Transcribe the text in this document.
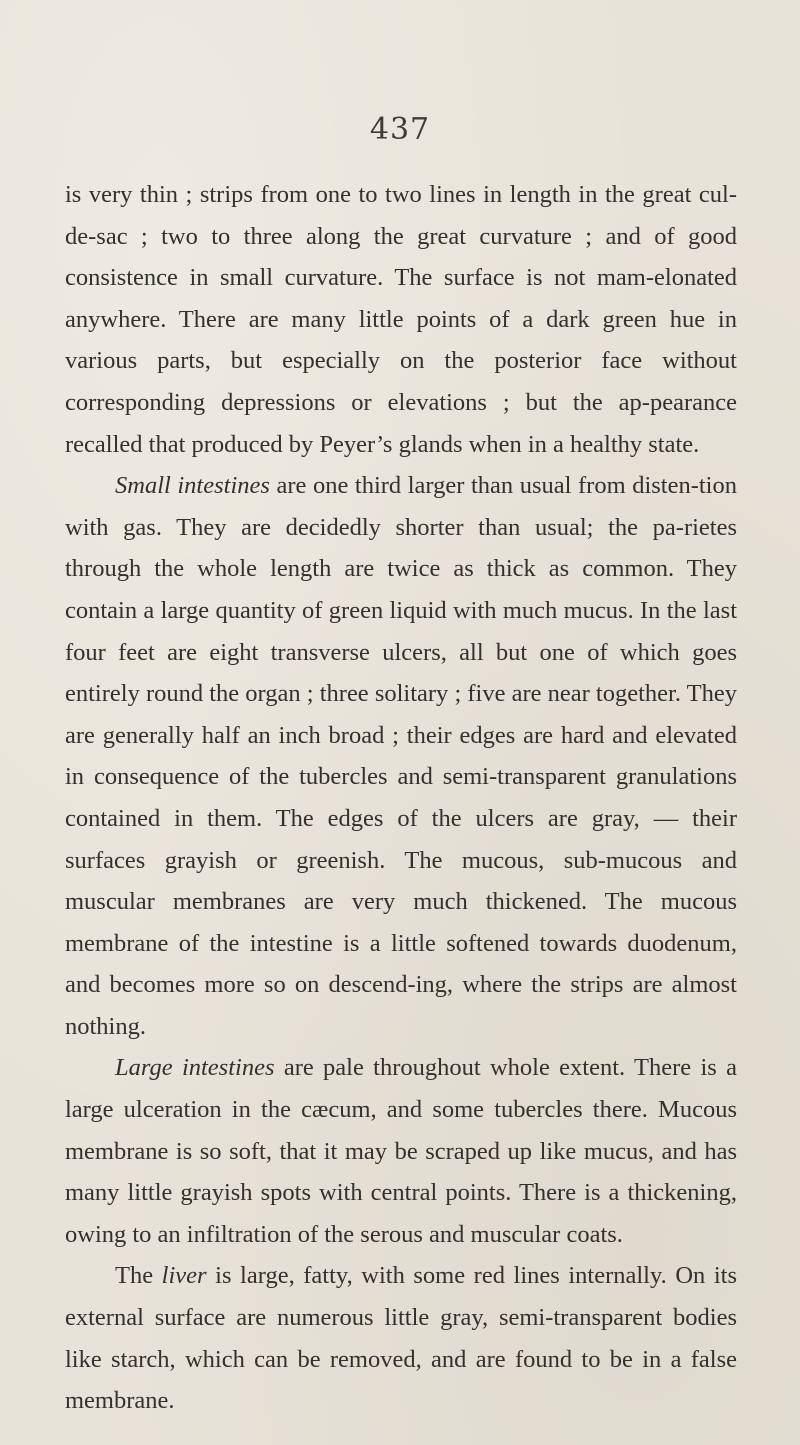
437

is very thin ; strips from one to two lines in length in the great cul-de-sac ; two to three along the great curvature ; and of good consistence in small curvature. The surface is not mam-elonated anywhere. There are many little points of a dark green hue in various parts, but especially on the posterior face without corresponding depressions or elevations ; but the ap-pearance recalled that produced by Peyer’s glands when in a healthy state.

Small intestines are one third larger than usual from disten-tion with gas. They are decidedly shorter than usual; the pa-rietes through the whole length are twice as thick as common. They contain a large quantity of green liquid with much mucus. In the last four feet are eight transverse ulcers, all but one of which goes entirely round the organ ; three solitary ; five are near together. They are generally half an inch broad ; their edges are hard and elevated in consequence of the tubercles and semi-transparent granulations contained in them. The edges of the ulcers are gray, — their surfaces grayish or greenish. The mucous, sub-mucous and muscular membranes are very much thickened. The mucous membrane of the intestine is a little softened towards duodenum, and becomes more so on descend-ing, where the strips are almost nothing.

Large intestines are pale throughout whole extent. There is a large ulceration in the cæcum, and some tubercles there. Mucous membrane is so soft, that it may be scraped up like mucus, and has many little grayish spots with central points. There is a thickening, owing to an infiltration of the serous and muscular coats.

The liver is large, fatty, with some red lines internally. On its external surface are numerous little gray, semi-transparent bodies like starch, which can be removed, and are found to be in a false membrane.
